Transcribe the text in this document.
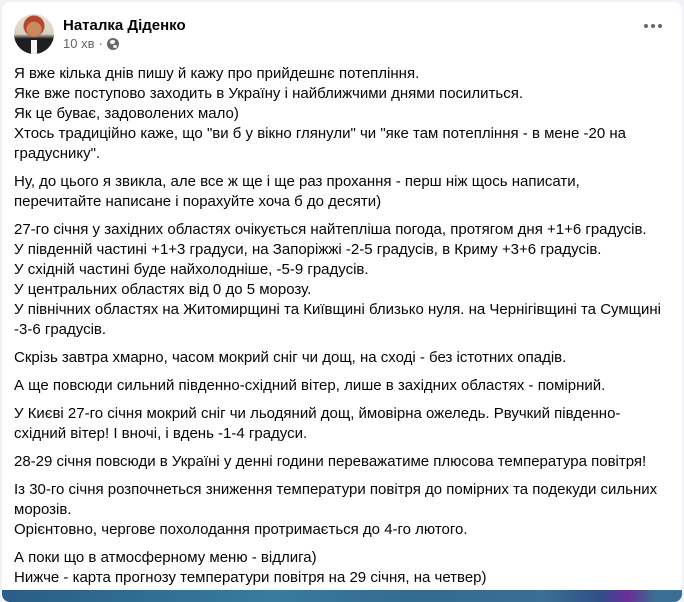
Наталка Діденко
10 хв ·
Я вже кілька днів пишу й кажу про прийдешнє потепління.
Яке вже поступово заходить в Україну і найближчими днями посилиться.
Як це буває, задоволених мало)
Хтось традиційно каже, що "ви б у вікно глянули" чи "яке там потепління - в мене -20 на градуснику".
Ну, до цього я звикла, але все ж ще і ще раз прохання - перш ніж щось написати, перечитайте написане і порахуйте хоча б до десяти)
27-го січня у західних областях очікується найтепліша погода, протягом дня +1+6 градусів.
У південній частині +1+3 градуси, на Запоріжжі -2-5 градусів, в Криму +3+6 градусів.
У східній частині буде найхолодніше, -5-9 градусів.
У центральних областях від 0 до 5 морозу.
У північних областях на Житомирщині та Київщині близько нуля. на Чернігівщині та Сумщині -3-6 градусів.
Скрізь завтра хмарно, часом мокрий сніг чи дощ, на сході - без істотних опадів.
А ще повсюди сильний південно-східний вітер, лише в західних областях - помірний.
У Києві 27-го січня мокрий сніг чи льодяний дощ, ймовірна ожеледь. Рвучкий південно-східний вітер! І вночі, і вдень -1-4 градуси.
28-29 січня повсюди в Україні у денні години переважатиме плюсова температура повітря!
Із 30-го січня розпочнеться зниження температури повітря до помірних та подекуди сильних морозів.
Орієнтовно, чергове похолодання протримається до 4-го лютого.
А поки що в атмосферному меню - відлига)
Нижче - карта прогнозу температури повітря на 29 січня, на четвер)
